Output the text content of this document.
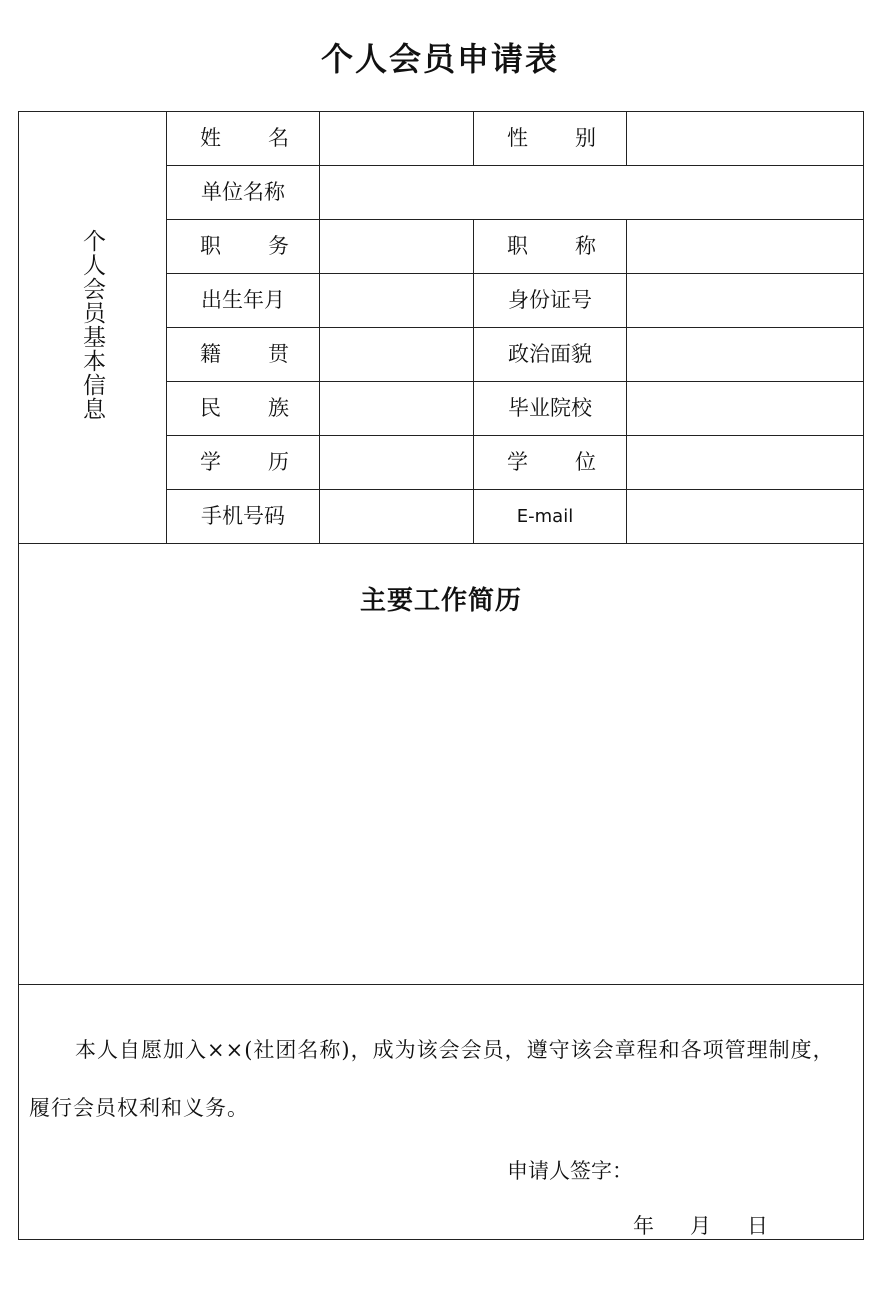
个人会员申请表
个人会员基本信息	姓 名		性 别	

单位名称			

	职 务		职 称	

出生年月		身份证号	

	籍 贯		政治面貌	

	民 族		毕业院校	

	学 历		学 位	

手机号码		E-mail	

主要工作简历				

本人自愿加入××(社团名称)，成为该会会员，遵守该会章程和各项管理制度，履行会员权利和义务。
申请人签字：
年 月 日				
